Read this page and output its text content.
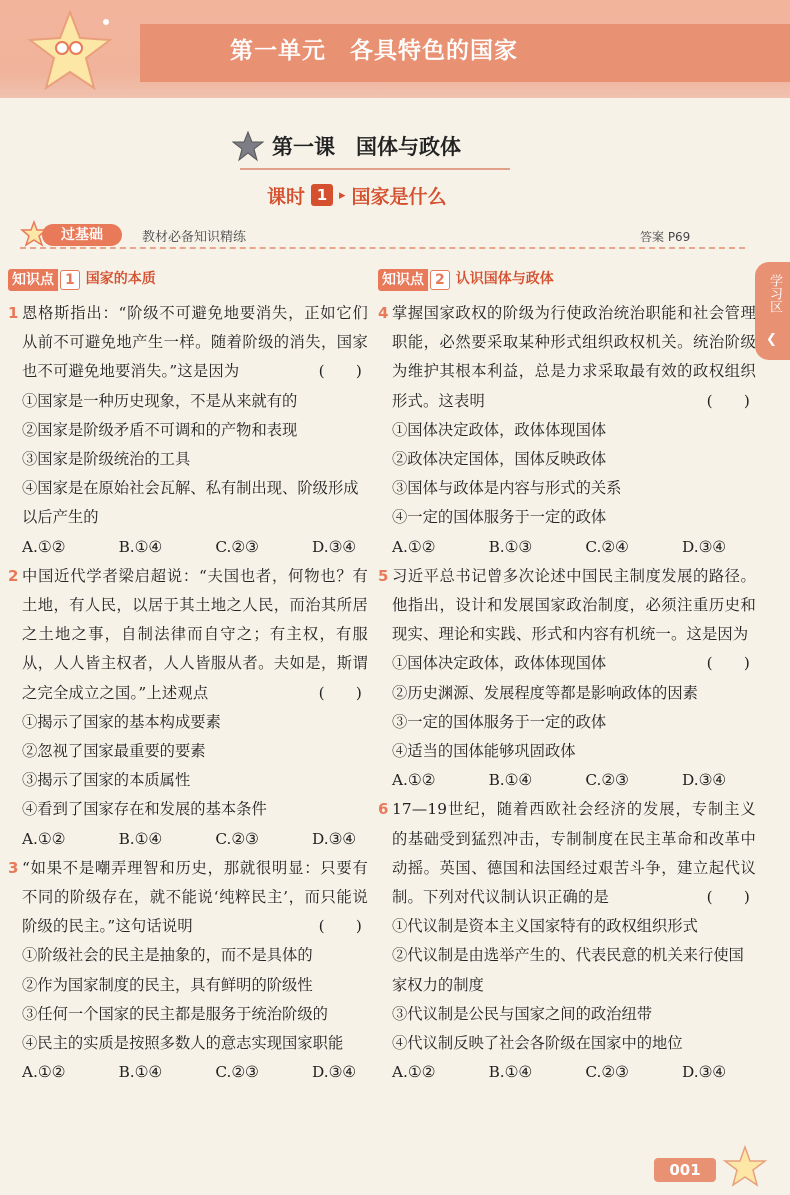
第一单元　各具特色的国家
第一课　国体与政体
课时 1 ▸ 国家是什么
过基础	教材必备知识精练	答案 P69
学习区
❮
知识点 1 国家的本质
1 恩格斯指出：“阶级不可避免地要消失，正如它们从前不可避免地产生一样。随着阶级的消失，国家也不可避免地要消失。”这是因为	(　　)
①国家是一种历史现象，不是从来就有的
②国家是阶级矛盾不可调和的产物和表现
③国家是阶级统治的工具
④国家是在原始社会瓦解、私有制出现、阶级形成以后产生的
A.①②	B.①④	C.②③	D.③④
2 中国近代学者梁启超说：“夫国也者，何物也？有土地，有人民，以居于其土地之人民，而治其所居之土地之事，自制法律而自守之；有主权，有服从，人人皆主权者，人人皆服从者。夫如是，斯谓之完全成立之国。”上述观点	(　　)
①揭示了国家的基本构成要素
②忽视了国家最重要的要素
③揭示了国家的本质属性
④看到了国家存在和发展的基本条件
A.①②	B.①④	C.②③	D.③④
3 “如果不是嘲弄理智和历史，那就很明显：只要有不同的阶级存在，就不能说‘纯粹民主’，而只能说阶级的民主。”这句话说明	(　　)
①阶级社会的民主是抽象的，而不是具体的
②作为国家制度的民主，具有鲜明的阶级性
③任何一个国家的民主都是服务于统治阶级的
④民主的实质是按照多数人的意志实现国家职能
A.①②	B.①④	C.②③	D.③④
知识点 2 认识国体与政体
4 掌握国家政权的阶级为行使政治统治职能和社会管理职能，必然要采取某种形式组织政权机关。统治阶级为维护其根本利益，总是力求采取最有效的政权组织形式。这表明	(　　)
①国体决定政体，政体体现国体
②政体决定国体，国体反映政体
③国体与政体是内容与形式的关系
④一定的国体服务于一定的政体
A.①②	B.①③	C.②④	D.③④
5 习近平总书记曾多次论述中国民主制度发展的路径。他指出，设计和发展国家政治制度，必须注重历史和现实、理论和实践、形式和内容有机统一。这是因为
(　　)
①国体决定政体，政体体现国体
②历史渊源、发展程度等都是影响政体的因素
③一定的国体服务于一定的政体
④适当的国体能够巩固政体
A.①②	B.①④	C.②③	D.③④
6 17—19世纪，随着西欧社会经济的发展，专制主义的基础受到猛烈冲击，专制制度在民主革命和改革中动摇。英国、德国和法国经过艰苦斗争，建立起代议制。下列对代议制认识正确的是	(　　)
①代议制是资本主义国家特有的政权组织形式
②代议制是由选举产生的、代表民意的机关来行使国家权力的制度
③代议制是公民与国家之间的政治纽带
④代议制反映了社会各阶级在国家中的地位
A.①②	B.①④	C.②③	D.③④
001
